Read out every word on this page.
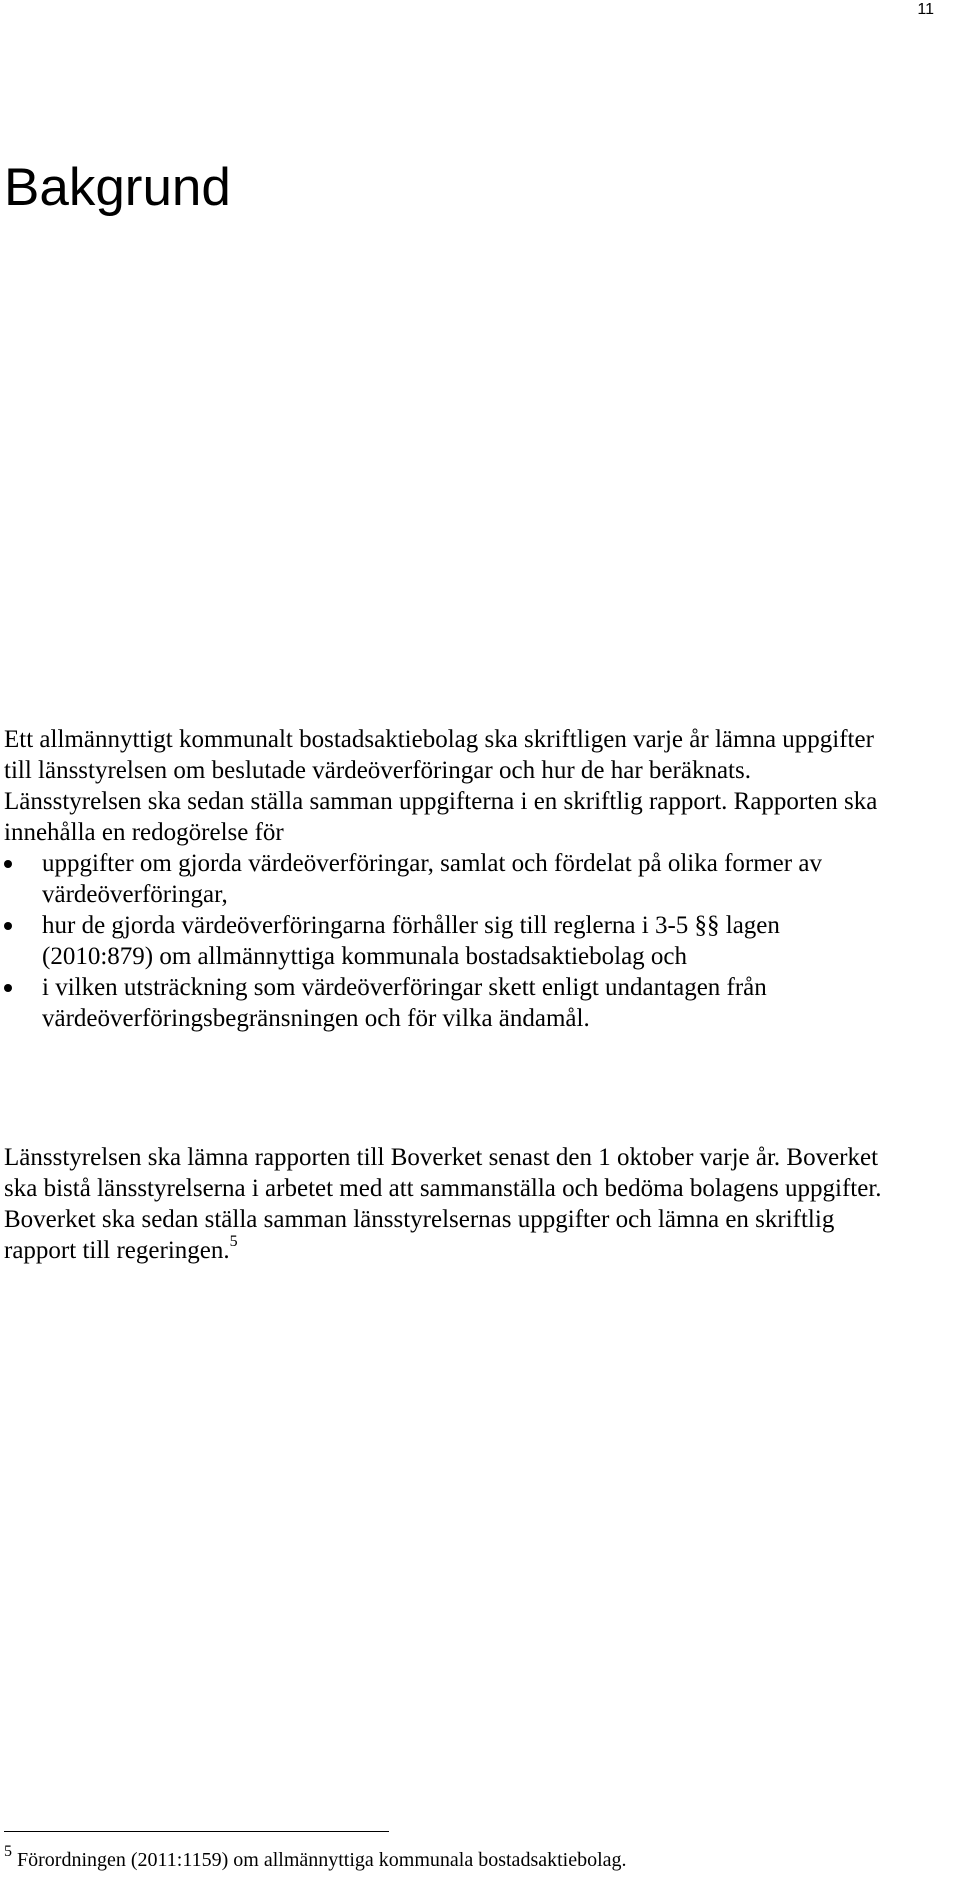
11
Bakgrund

Ett allmännyttigt kommunalt bostadsaktiebolag ska skriftligen varje år lämna uppgifter till länsstyrelsen om beslutade värdeöverföringar och hur de har beräknats. Länsstyrelsen ska sedan ställa samman uppgifterna i en skriftlig rapport. Rapporten ska innehålla en redogörelse för

uppgifter om gjorda värdeöverföringar, samlat och fördelat på olika former av värdeöverföringar,
hur de gjorda värdeöverföringarna förhåller sig till reglerna i 3-5 §§ lagen (2010:879) om allmännyttiga kommunala bostadsaktiebolag och
i vilken utsträckning som värdeöverföringar skett enligt undantagen från värdeöverföringsbegränsningen och för vilka ändamål.

Länsstyrelsen ska lämna rapporten till Boverket senast den 1 oktober varje år. Boverket ska bistå länsstyrelserna i arbetet med att sammanställa och bedöma bolagens uppgifter. Boverket ska sedan ställa samman länsstyrelsernas uppgifter och lämna en skriftlig rapport till regeringen.$^5$

$^5$ Förordningen (2011:1159) om allmännyttiga kommunala bostadsaktiebolag.
